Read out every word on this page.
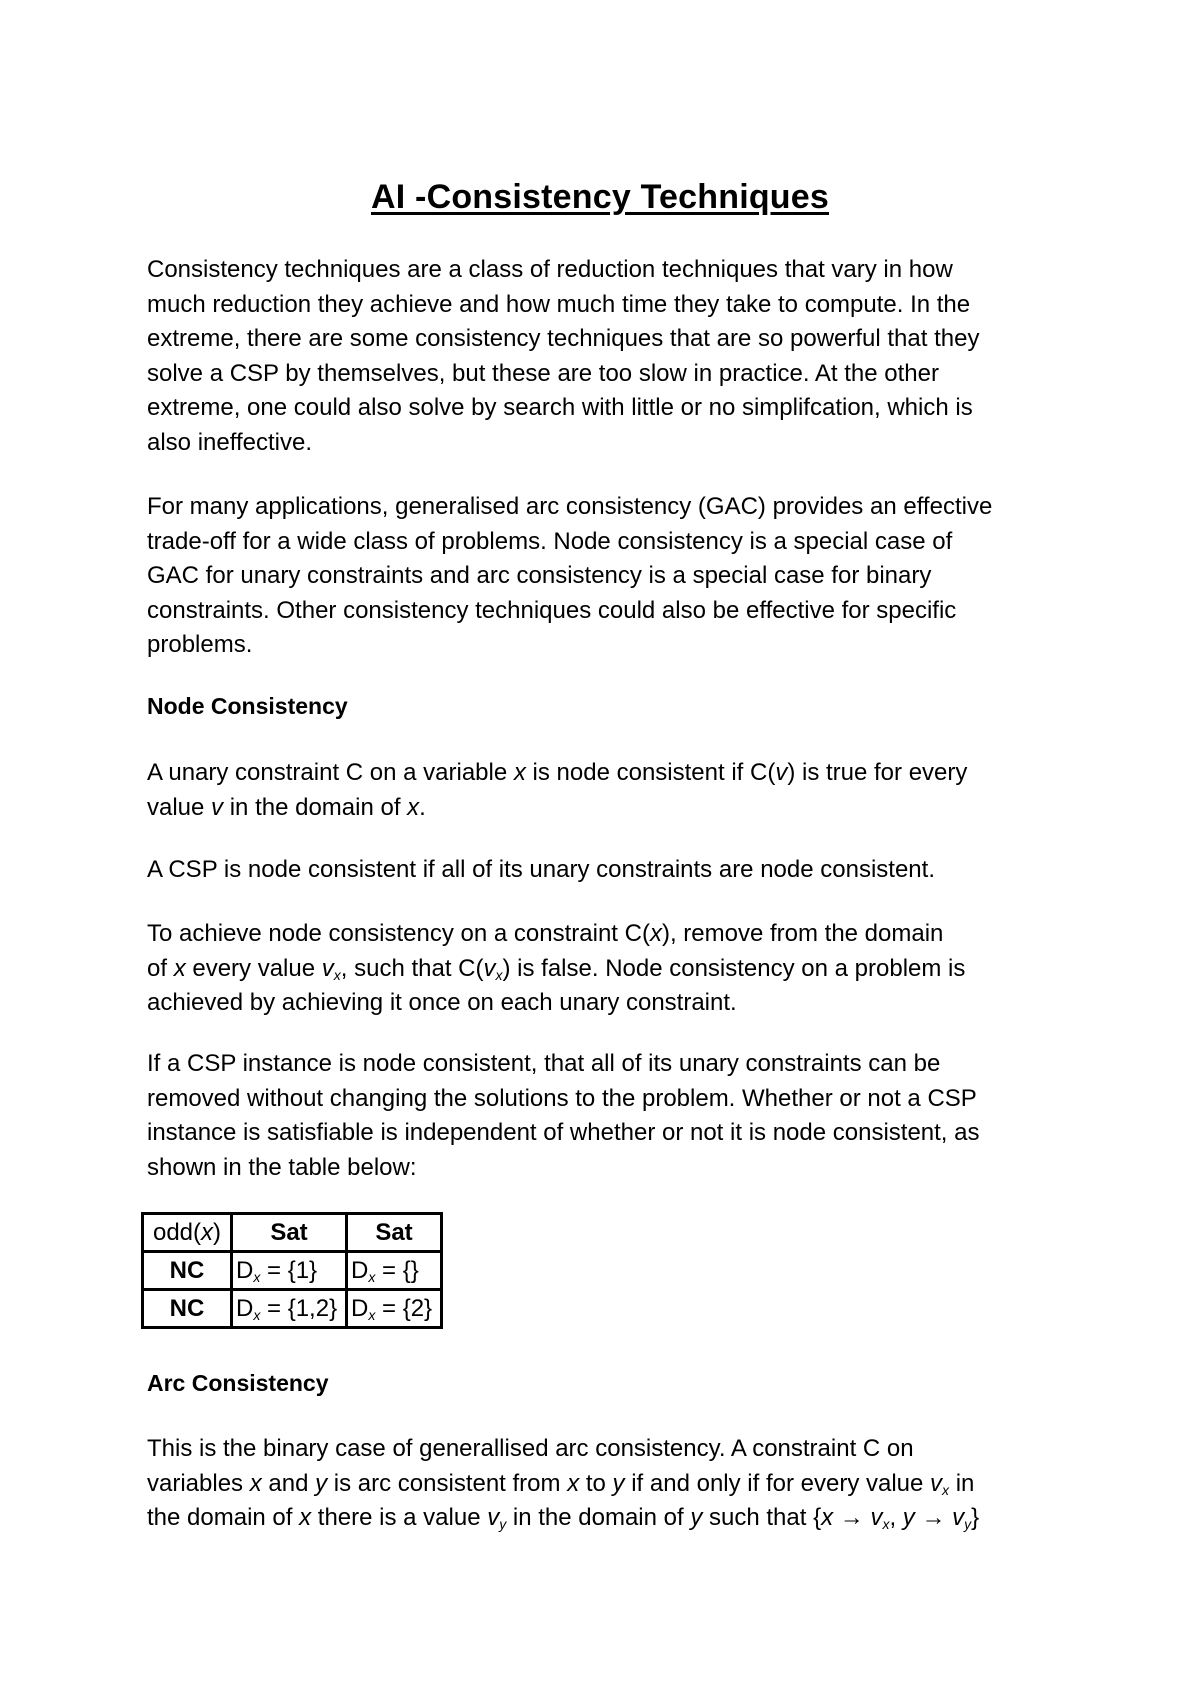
AI -Consistency Techniques

Consistency techniques are a class of reduction techniques that vary in how
much reduction they achieve and how much time they take to compute. In the
extreme, there are some consistency techniques that are so powerful that they
solve a CSP by themselves, but these are too slow in practice. At the other
extreme, one could also solve by search with little or no simplifcation, which is
also ineffective.

For many applications, generalised arc consistency (GAC) provides an effective
trade-off for a wide class of problems. Node consistency is a special case of
GAC for unary constraints and arc consistency is a special case for binary
constraints. Other consistency techniques could also be effective for specific
problems.

Node Consistency

A unary constraint C on a variable x is node consistent if C(v) is true for every
value v in the domain of x.

A CSP is node consistent if all of its unary constraints are node consistent.

To achieve node consistency on a constraint C(x), remove from the domain
of x every value $v_x$, such that $C(v_x)$ is false. Node consistency on a problem is
achieved by achieving it once on each unary constraint.

If a CSP instance is node consistent, that all of its unary constraints can be
removed without changing the solutions to the problem. Whether or not a CSP
instance is satisfiable is independent of whether or not it is node consistent, as
shown in the table below:

odd(x)	Sat	Sat
NC	$D_x = \{1\}$	$D_x$ = {}
NC	$D_x = \{1,2\}$	$D_x = \{2\}$

Arc Consistency

This is the binary case of generallised arc consistency. A constraint C on
variables x and y is arc consistent from x to y if and only if for every value $v_x$ in
the domain of x there is a value $v_y$ in the domain of y such that {$x \to v_x$, $y \to v_y$}
